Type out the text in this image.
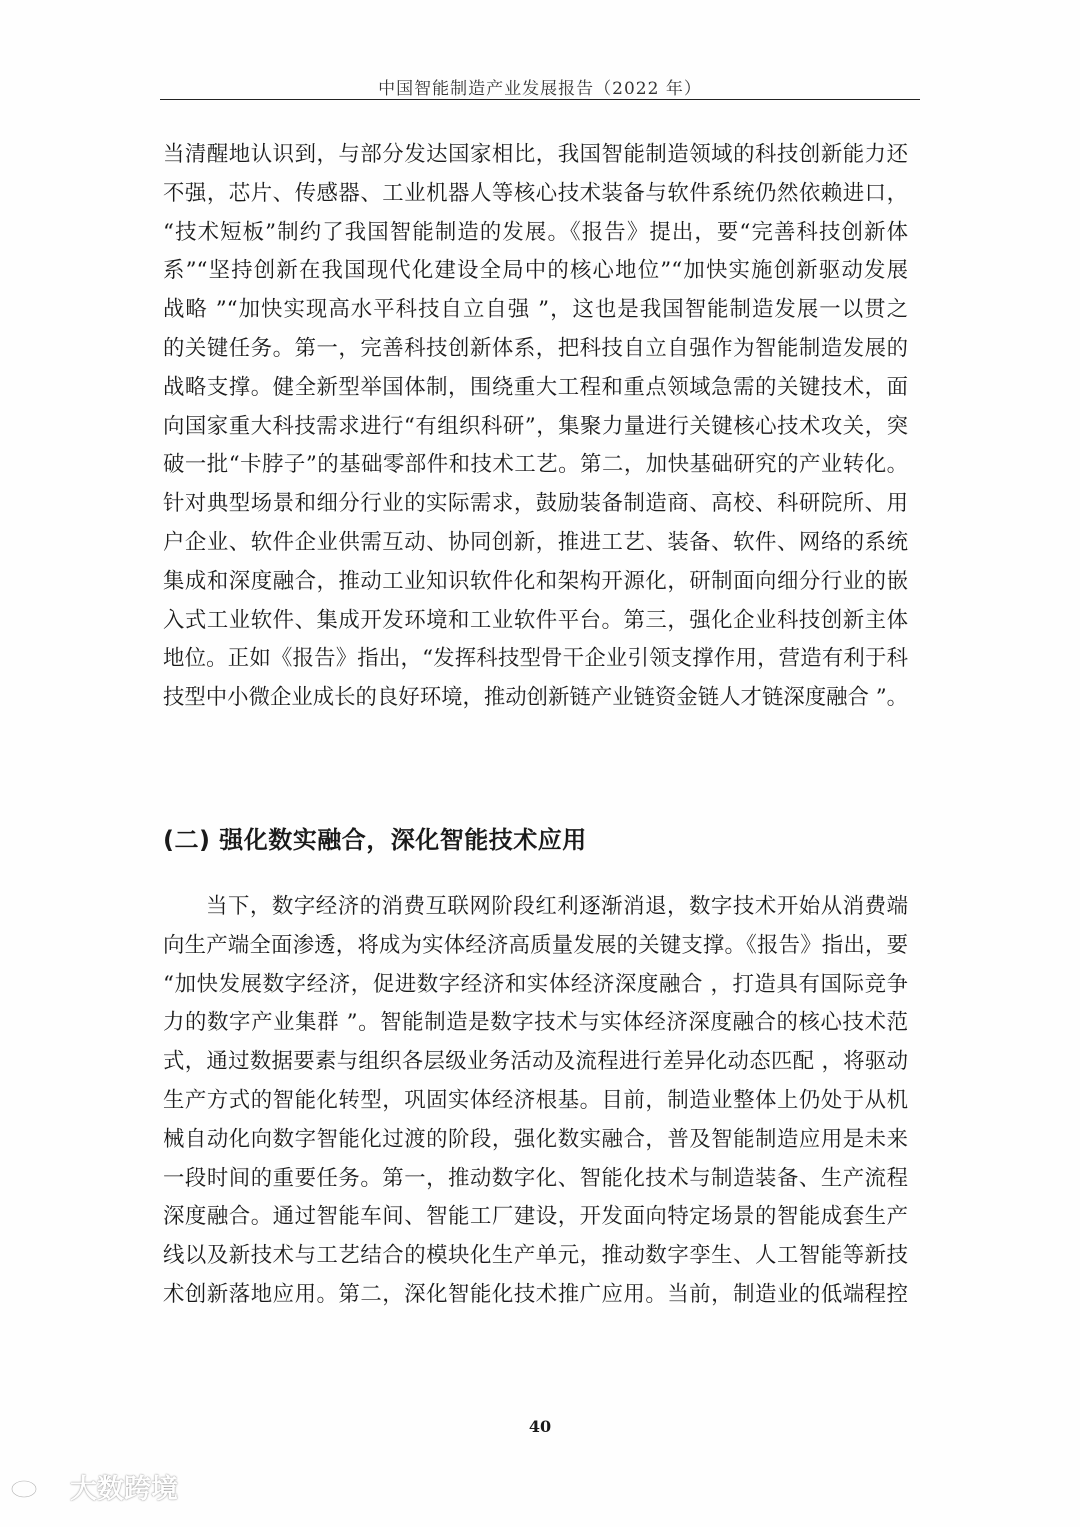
中国智能制造产业发展报告（2022 年）
当清醒地认识到，与部分发达国家相比，我国智能制造领域的科技创新能力还
不强，芯片、传感器、工业机器人等核心技术装备与软件系统仍然依赖进口，
“技术短板”制约了我国智能制造的发展。《报告》提出，要“完善科技创新体
系”“坚持创新在我国现代化建设全局中的核心地位”“加快实施创新驱动发展
战略 ”“加快实现高水平科技自立自强 ”，这也是我国智能制造发展一以贯之
的关键任务。第一，完善科技创新体系，把科技自立自强作为智能制造发展的
战略支撑。健全新型举国体制，围绕重大工程和重点领域急需的关键技术，面
向国家重大科技需求进行“有组织科研”，集聚力量进行关键核心技术攻关，突
破一批“卡脖子”的基础零部件和技术工艺。第二，加快基础研究的产业转化。
针对典型场景和细分行业的实际需求，鼓励装备制造商、高校、科研院所、用
户企业、软件企业供需互动、协同创新，推进工艺、装备、软件、网络的系统
集成和深度融合，推动工业知识软件化和架构开源化，研制面向细分行业的嵌
入式工业软件、集成开发环境和工业软件平台。第三，强化企业科技创新主体
地位。正如《报告》指出，“发挥科技型骨干企业引领支撑作用，营造有利于科
技型中小微企业成长的良好环境，推动创新链产业链资金链人才链深度融合 ”。
(二) 强化数实融合，深化智能技术应用
当下，数字经济的消费互联网阶段红利逐渐消退，数字技术开始从消费端
向生产端全面渗透，将成为实体经济高质量发展的关键支撑。《报告》指出，要
“加快发展数字经济，促进数字经济和实体经济深度融合 ，打造具有国际竞争
力的数字产业集群 ”。智能制造是数字技术与实体经济深度融合的核心技术范
式，通过数据要素与组织各层级业务活动及流程进行差异化动态匹配 ，将驱动
生产方式的智能化转型，巩固实体经济根基。目前，制造业整体上仍处于从机
械自动化向数字智能化过渡的阶段，强化数实融合，普及智能制造应用是未来
一段时间的重要任务。第一，推动数字化、智能化技术与制造装备、生产流程
深度融合。通过智能车间、智能工厂建设，开发面向特定场景的智能成套生产
线以及新技术与工艺结合的模块化生产单元，推动数字孪生、人工智能等新技
术创新落地应用。第二，深化智能化技术推广应用。当前，制造业的低端程控
40
大数跨境
